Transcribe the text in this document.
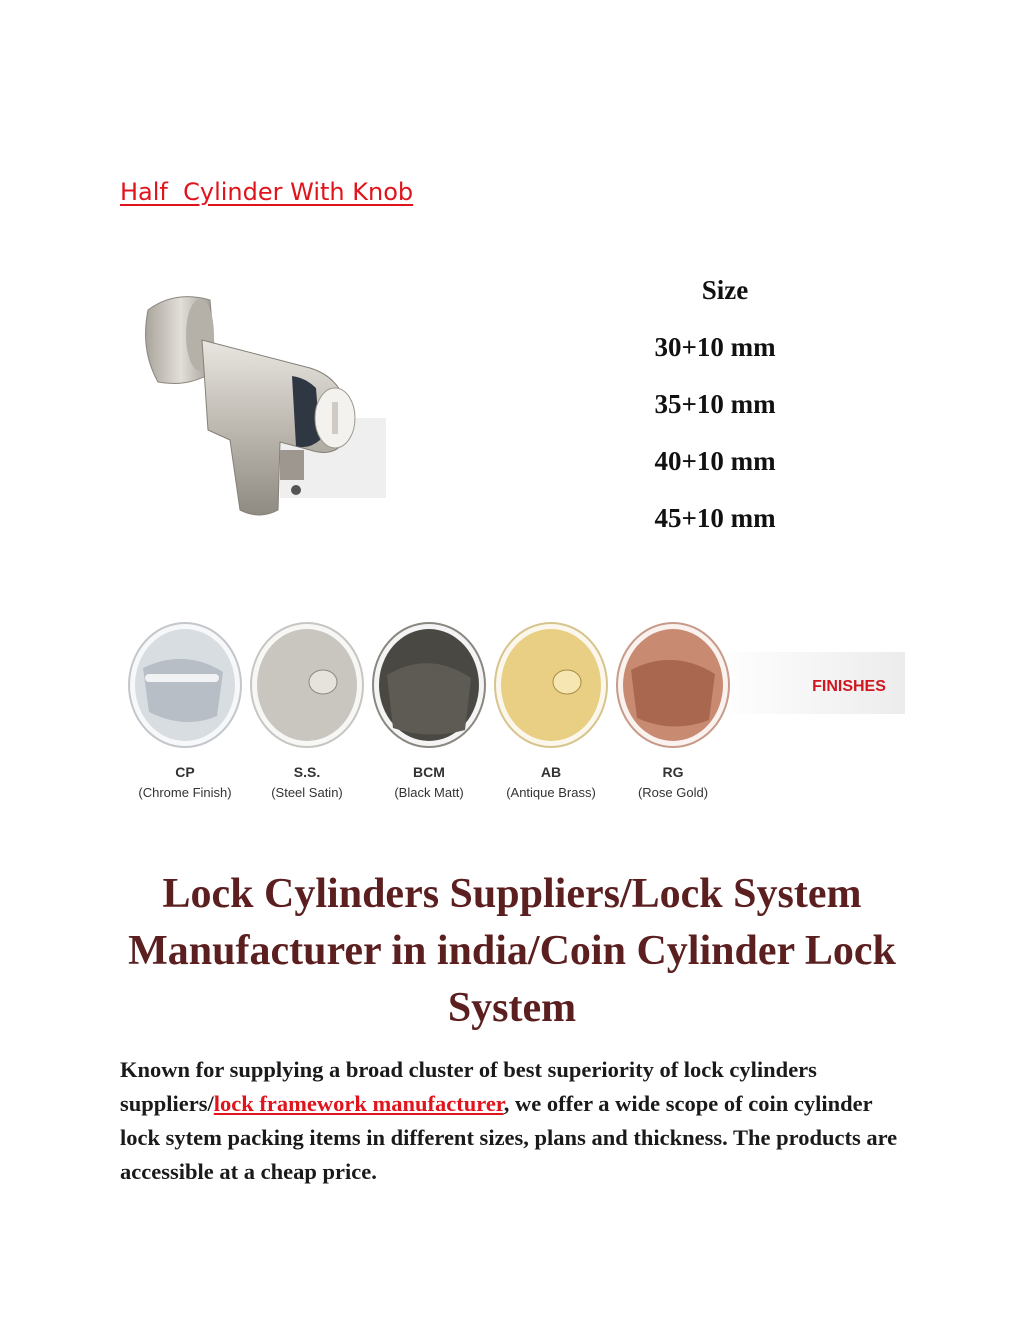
Half  Cylinder With Knob
Size
30+10 mm
35+10 mm
40+10 mm
45+10 mm
FINISHES
CP
(Chrome Finish)
S.S.
(Steel Satin)
BCM
(Black Matt)
AB
(Antique Brass)
RG
(Rose Gold)
Lock Cylinders Suppliers/Lock System Manufacturer in india/Coin Cylinder Lock System
Known for supplying a broad cluster of best superiority of lock cylinders suppliers/lock framework manufacturer, we offer a wide scope of coin cylinder lock sytem packing items in different sizes, plans and thickness. The products are accessible at a cheap price.
